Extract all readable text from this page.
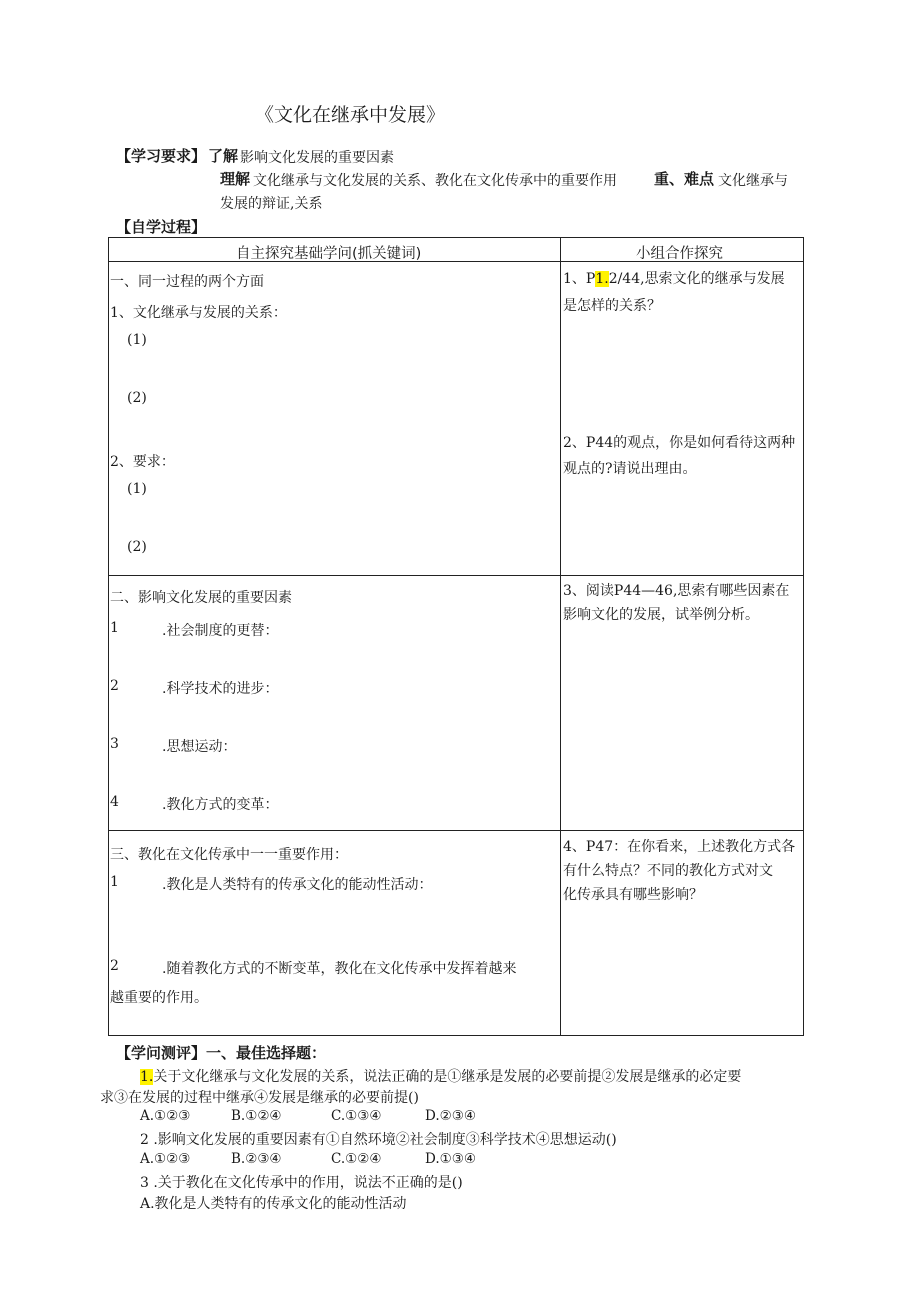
《文化在继承中发展》
【学习要求】 了解 影响文化发展的重要因素
理解 文化继承与文化发展的关系、教化在文化传承中的重要作用 重、难点 文化继承与
发展的辩证,关系
【自学过程】
自主探究基础学问(抓关键词)	小组合作探究
一、同一过程的两个方面
1、文化继承与发展的关系：
(1)
(2)
2、要求：
(1)
(2)
1、P1.2/44,思索文化的继承与发展
是怎样的关系？
2、P44的观点，你是如何看待这两种
观点的?请说出理由。
二、影响文化发展的重要因素
1	.社会制度的更替：
2	.科学技术的进步：
3	.思想运动：
4	.教化方式的变革：
3、阅读P44—46,思索有哪些因素在
影响文化的发展，试举例分析。
三、教化在文化传承中一一重要作用：
1	.教化是人类特有的传承文化的能动性活动：
2	.随着教化方式的不断变革，教化在文化传承中发挥着越来
越重要的作用。
4、P47：在你看来，上述教化方式各
有什么特点？不同的教化方式对文
化传承具有哪些影响？
【学问测评】一、最佳选择题：
1.关于文化继承与文化发展的关系，说法正确的是①继承是发展的必要前提②发展是继承的必定要
求③在发展的过程中继承④发展是继承的必要前提()
A.①②③	B.①②④	C.①③④	D.②③④
2 .影响文化发展的重要因素有①自然环境②社会制度③科学技术④思想运动()
A.①②③	B.②③④	C.①②④	D.①③④
3 .关于教化在文化传承中的作用，说法不正确的是()
A.教化是人类特有的传承文化的能动性活动
